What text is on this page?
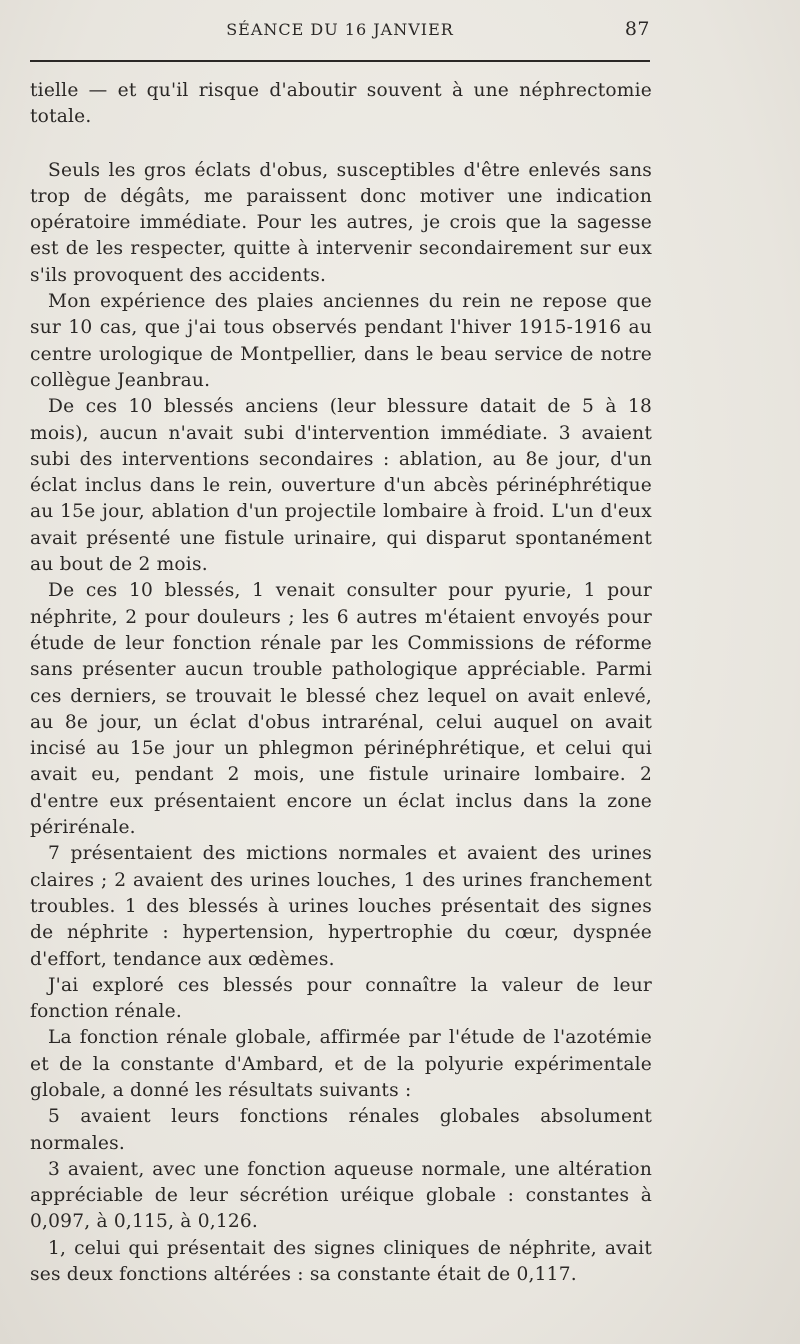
SÉANCE DU 16 JANVIER	87

tielle — et qu'il risque d'aboutir souvent à une néphrectomie totale.

Seuls les gros éclats d'obus, susceptibles d'être enlevés sans trop de dégâts, me paraissent donc motiver une indication opératoire immédiate. Pour les autres, je crois que la sagesse est de les respecter, quitte à intervenir secondairement sur eux s'ils provoquent des accidents.

Mon expérience des plaies anciennes du rein ne repose que sur 10 cas, que j'ai tous observés pendant l'hiver 1915-1916 au centre urologique de Montpellier, dans le beau service de notre collègue Jeanbrau.

De ces 10 blessés anciens (leur blessure datait de 5 à 18 mois), aucun n'avait subi d'intervention immédiate. 3 avaient subi des interventions secondaires : ablation, au 8e jour, d'un éclat inclus dans le rein, ouverture d'un abcès périnéphrétique au 15e jour, ablation d'un projectile lombaire à froid. L'un d'eux avait présenté une fistule urinaire, qui disparut spontanément au bout de 2 mois.

De ces 10 blessés, 1 venait consulter pour pyurie, 1 pour néphrite, 2 pour douleurs ; les 6 autres m'étaient envoyés pour étude de leur fonction rénale par les Commissions de réforme sans présenter aucun trouble pathologique appréciable. Parmi ces derniers, se trouvait le blessé chez lequel on avait enlevé, au 8e jour, un éclat d'obus intrarénal, celui auquel on avait incisé au 15e jour un phlegmon périnéphrétique, et celui qui avait eu, pendant 2 mois, une fistule urinaire lombaire. 2 d'entre eux présentaient encore un éclat inclus dans la zone périrénale.

7 présentaient des mictions normales et avaient des urines claires ; 2 avaient des urines louches, 1 des urines franchement troubles. 1 des blessés à urines louches présentait des signes de néphrite : hypertension, hypertrophie du cœur, dyspnée d'effort, tendance aux œdèmes.

J'ai exploré ces blessés pour connaître la valeur de leur fonction rénale.

La fonction rénale globale, affirmée par l'étude de l'azotémie et de la constante d'Ambard, et de la polyurie expérimentale globale, a donné les résultats suivants :

5 avaient leurs fonctions rénales globales absolument normales.

3 avaient, avec une fonction aqueuse normale, une altération appréciable de leur sécrétion uréique globale : constantes à 0,097, à 0,115, à 0,126.

1, celui qui présentait des signes cliniques de néphrite, avait ses deux fonctions altérées : sa constante était de 0,117.
